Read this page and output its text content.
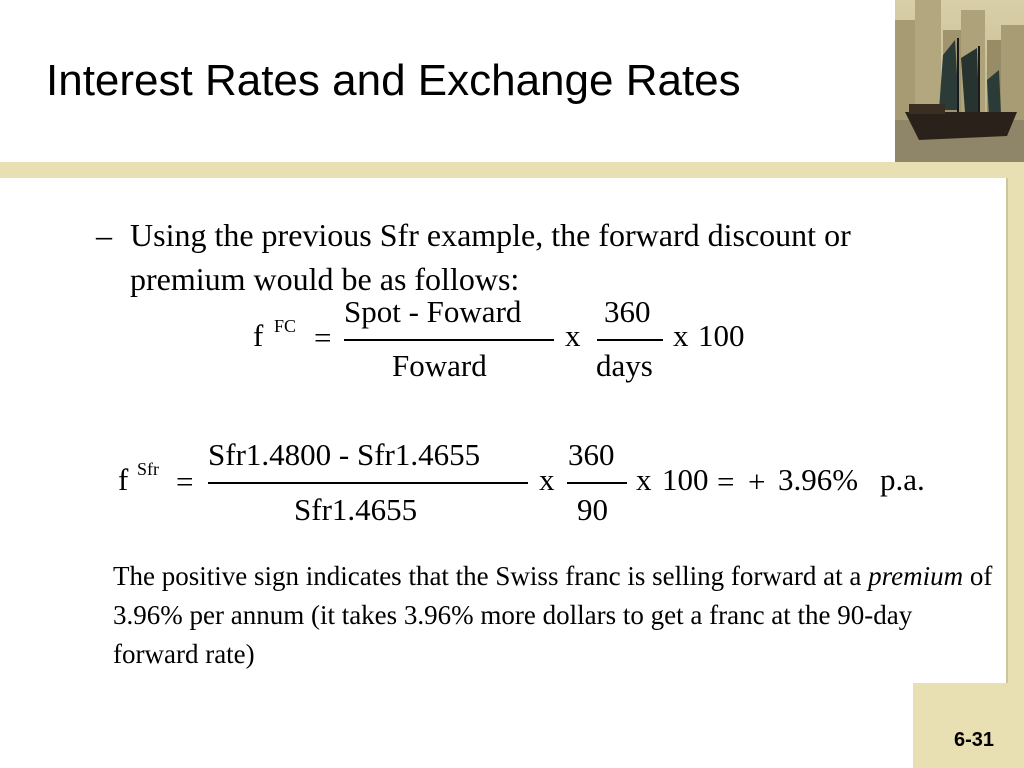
Interest Rates and Exchange Rates
– Using the previous Sfr example, the forward discount or premium would be as follows:
f FC =
Spot - Foward
Foward
x
360
days
x 100
f Sfr =
Sfr1.4800 - Sfr1.4655
Sfr1.4655
x
360
90
x 100 = + 3.96% p.a.
The positive sign indicates that the Swiss franc is selling forward at a premium of 3.96% per annum (it takes 3.96% more dollars to get a franc at the 90-day forward rate)
6-31
